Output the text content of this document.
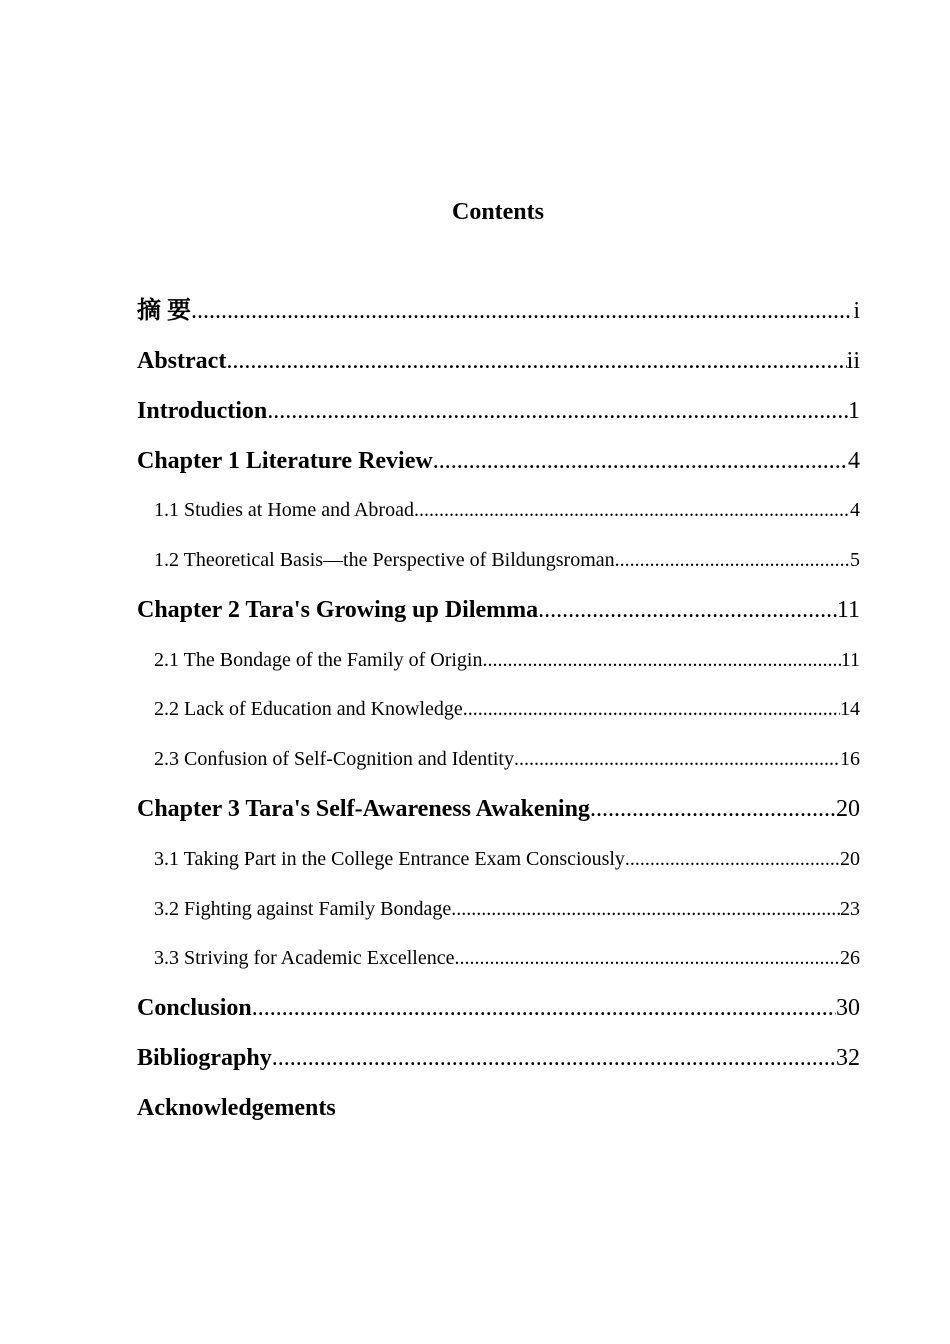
Contents
摘 要 .....	i
Abstract .....	ii
Introduction .....	1
Chapter 1 Literature Review .....	4
1.1 Studies at Home and Abroad .....	4
1.2 Theoretical Basis—the Perspective of Bildungsroman .....	5
Chapter 2 Tara's Growing up Dilemma .....	11
2.1 The Bondage of the Family of Origin .....	11
2.2 Lack of Education and Knowledge .....	14
2.3 Confusion of Self-Cognition and Identity .....	16
Chapter 3 Tara's Self-Awareness Awakening .....	20
3.1 Taking Part in the College Entrance Exam Consciously .....	20
3.2 Fighting against Family Bondage .....	23
3.3 Striving for Academic Excellence .....	26
Conclusion .....	30
Bibliography .....	32
Acknowledgements
